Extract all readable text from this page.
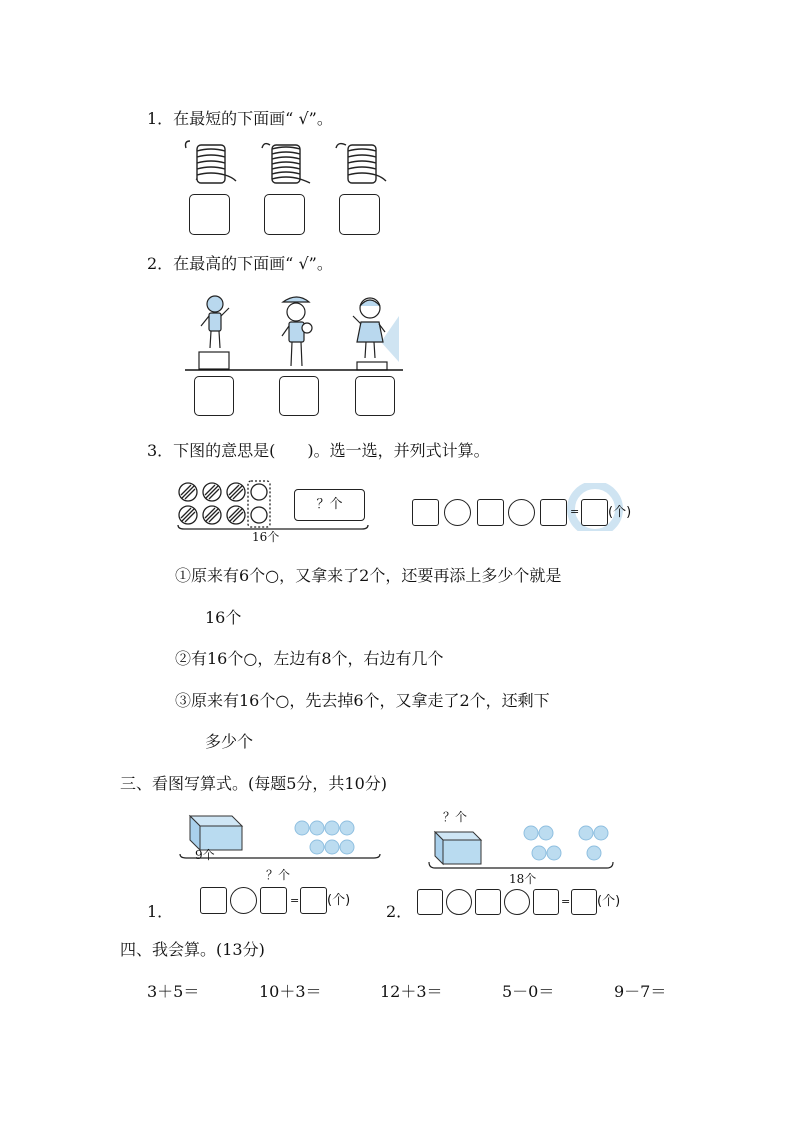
1．在最短的下面画“ √”。
2．在最高的下面画“ √”。
3．下图的意思是(　　)。选一选，并列式计算。
？个
16个
= (个)
①原来有6个○，又拿来了2个，还要再添上多少个就是
16个
②有16个○，左边有8个，右边有几个
③原来有16个○，先去掉6个，又拿走了2个，还剩下
多少个
三、看图写算式。(每题5分，共10分)
9个
？个
？个
18个
1．
= (个)
2．
= (个)
四、我会算。(13分)
3＋5＝	10＋3＝	12＋3＝	5－0＝	9－7＝
